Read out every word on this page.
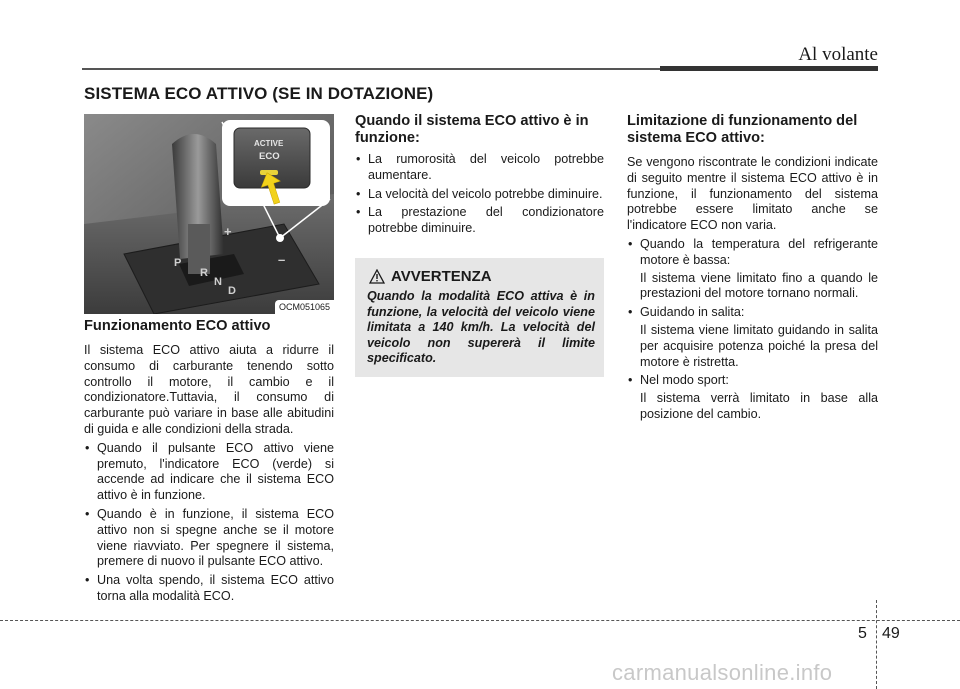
Al volante
SISTEMA ECO ATTIVO (SE IN DOTAZIONE)
P
R
N
D
+
–
ACTIVE
ECO
OCM051065
Funzionamento ECO attivo

Il sistema ECO attivo aiuta a ridurre il consumo di carburante tenendo sotto controllo il motore, il cambio e il condizionatore.Tuttavia, il consumo di carburante può variare in base alle abitudini di guida e alle condizioni della strada.

• Quando il pulsante ECO attivo viene premuto, l'indicatore ECO (verde) si accende ad indicare che il sistema ECO attivo è in funzione.
• Quando è in funzione, il sistema ECO attivo non si spegne anche se il motore viene riavviato. Per spegnere il sistema, premere di nuovo il pulsante ECO attivo.
• Una volta spendo, il sistema ECO attivo torna alla modalità ECO.
Quando il sistema ECO attivo è in funzione:
• La rumorosità del veicolo potrebbe aumentare.
• La velocità del veicolo potrebbe diminuire.
• La prestazione del condizionatore potrebbe diminuire.
AVVERTENZA
Quando la modalità ECO attiva è in funzione, la velocità del veicolo viene limitata a 140 km/h. La velocità del veicolo non supererà il limite specificato.
Limitazione di funzionamento del sistema ECO attivo:

Se vengono riscontrate le condizioni indicate di seguito mentre il sistema ECO attivo è in funzione, il funzionamento del sistema potrebbe essere limitato anche se l'indicatore ECO non varia.

• Quando la temperatura del refrigerante motore è bassa:
Il sistema viene limitato fino a quando le prestazioni del motore tornano normali.
• Guidando in salita:
Il sistema viene limitato guidando in salita per acquisire potenza poiché la presa del motore è ristretta.
• Nel modo sport:
Il sistema verrà limitato in base alla posizione del cambio.
5 49
carmanualsonline.info
